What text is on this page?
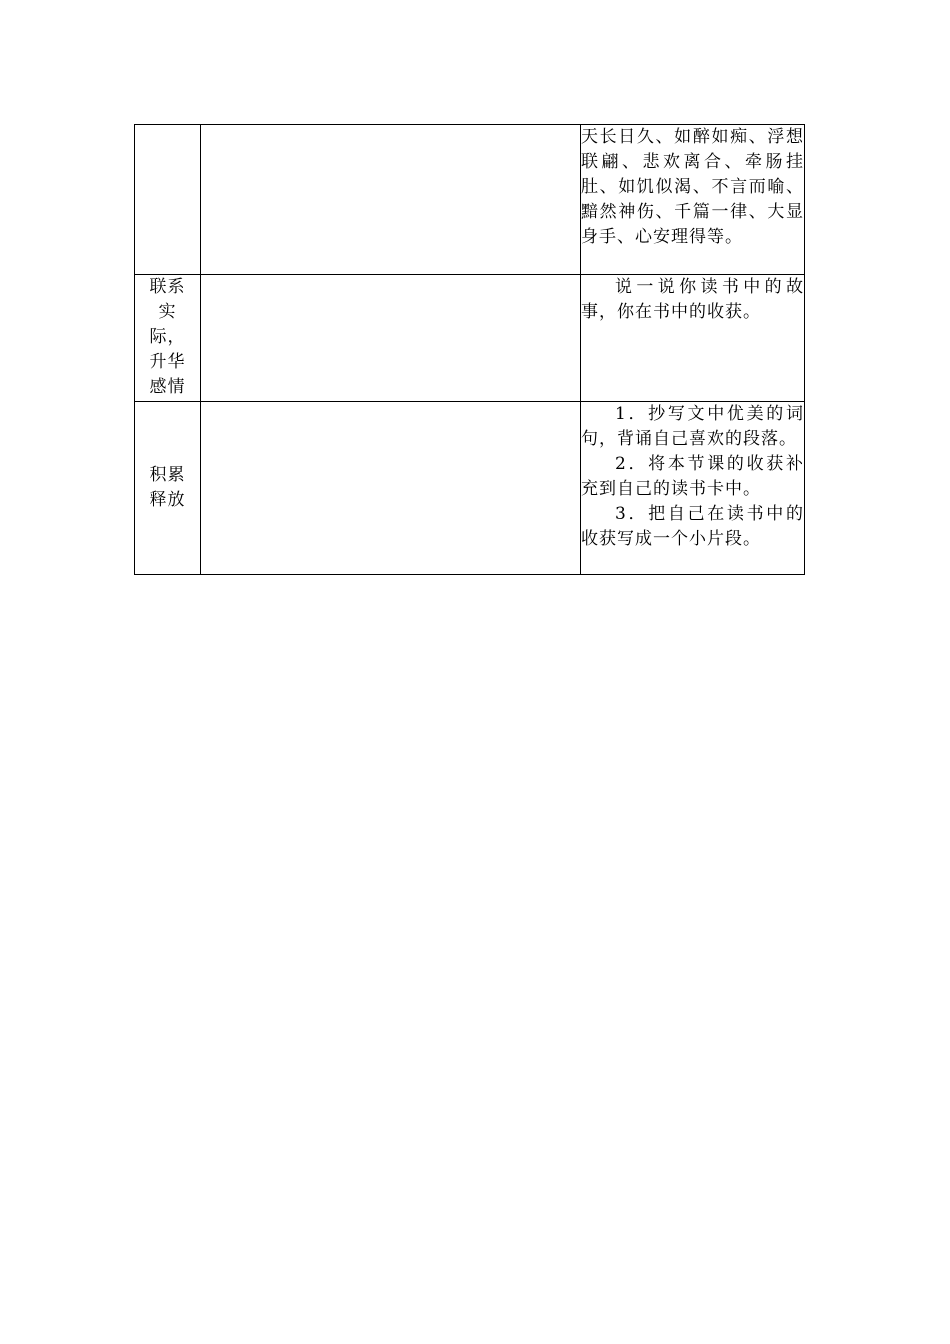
		天长日久、如醉如痴、浮想联翩、悲欢离合、牵肠挂肚、如饥似渴、不言而喻、黯然神伤、千篇一律、大显身手、心安理得等。

联系
实
际，
升华
感情		说一说你读书中的故事，你在书中的收获。

积累
释放		1．抄写文中优美的词句，背诵自己喜欢的段落。
2．将本节课的收获补充到自己的读书卡中。
3．把自己在读书中的收获写成一个小片段。
